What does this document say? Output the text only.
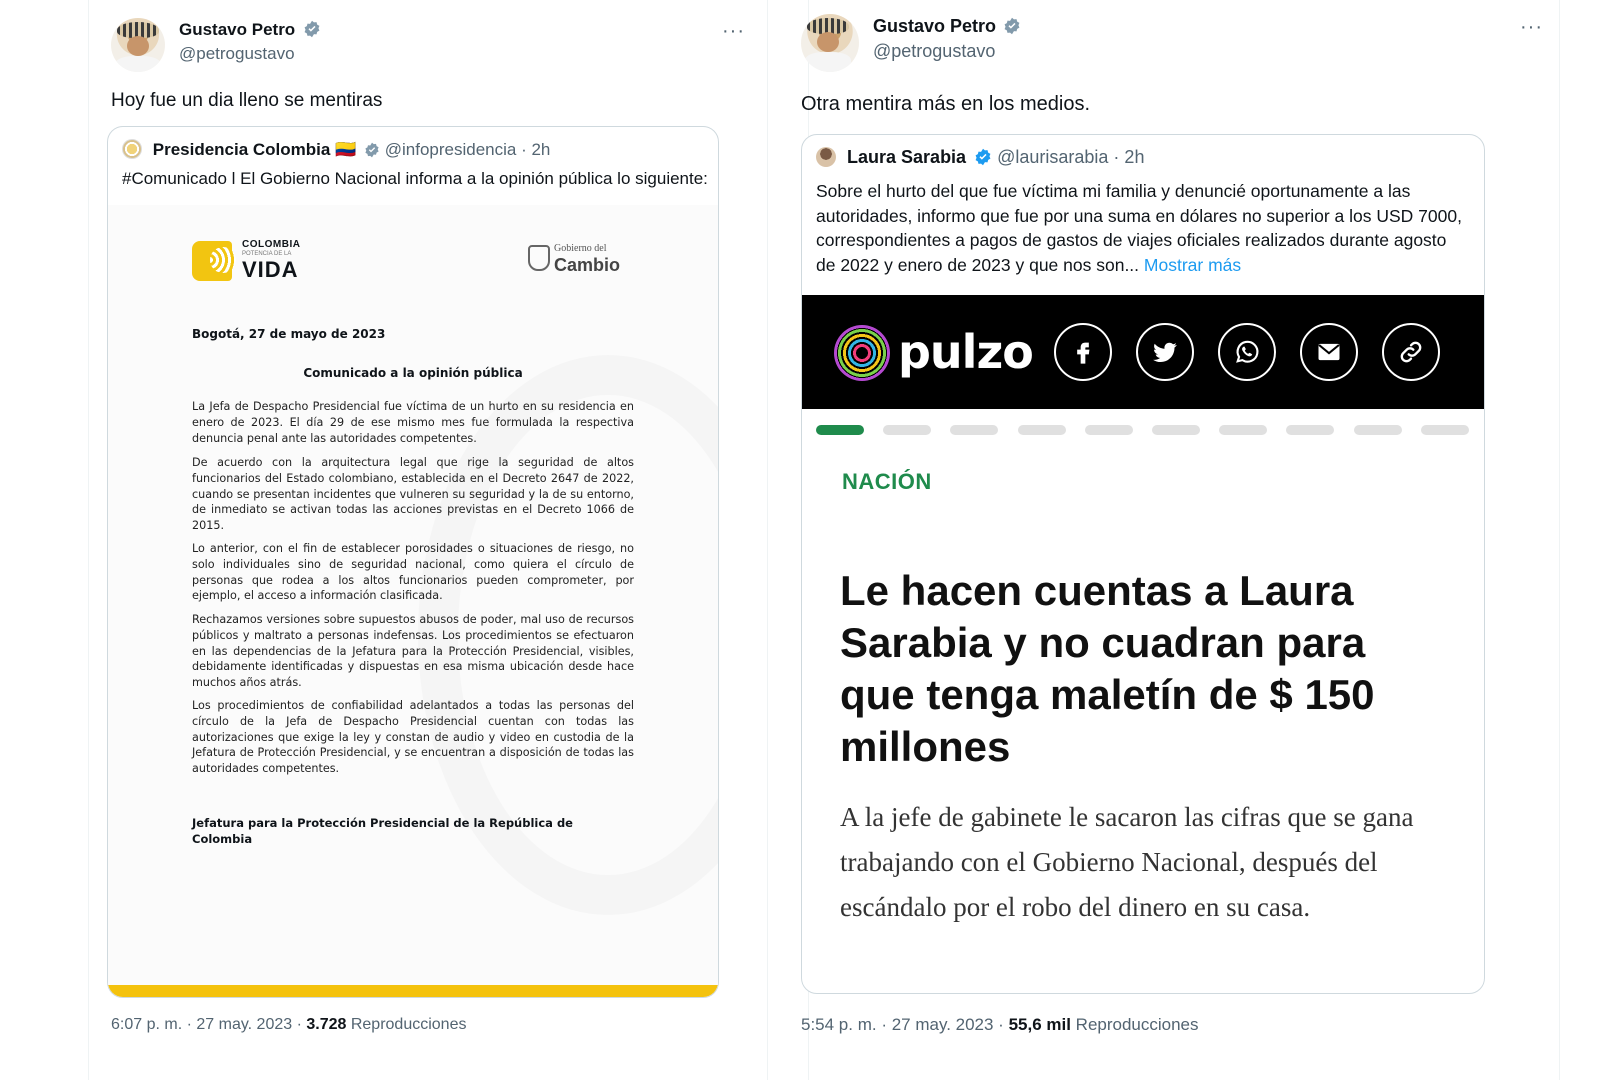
Gustavo Petro
@petrogustavo
···
Hoy fue un dia lleno se mentiras
Presidencia Colombia 🇨🇴 @infopresidencia · 2h
#Comunicado l El Gobierno Nacional informa a la opinión pública lo siguiente:
COLOMBIA
POTENCIA DE LA
VIDA
Gobierno del
Cambio
Bogotá, 27 de mayo de 2023
Comunicado a la opinión pública
La Jefa de Despacho Presidencial fue víctima de un hurto en su residencia en enero de 2023. El día 29 de ese mismo mes fue formulada la respectiva denuncia penal ante las autoridades competentes.
De acuerdo con la arquitectura legal que rige la seguridad de altos funcionarios del Estado colombiano, establecida en el Decreto 2647 de 2022, cuando se presentan incidentes que vulneren su seguridad y la de su entorno, de inmediato se activan todas las acciones previstas en el Decreto 1066 de 2015.
Lo anterior, con el fin de establecer porosidades o situaciones de riesgo, no solo individuales sino de seguridad nacional, como quiera el círculo de personas que rodea a los altos funcionarios pueden comprometer, por ejemplo, el acceso a información clasificada.
Rechazamos versiones sobre supuestos abusos de poder, mal uso de recursos públicos y maltrato a personas indefensas. Los procedimientos se efectuaron en las dependencias de la Jefatura para la Protección Presidencial, visibles, debidamente identificadas y dispuestas en esa misma ubicación desde hace muchos años atrás.
Los procedimientos de confiabilidad adelantados a todas las personas del círculo de la Jefa de Despacho Presidencial cuentan con todas las autorizaciones que exige la ley y constan de audio y video en custodia de la Jefatura de Protección Presidencial, y se encuentran a disposición de todas las autoridades competentes.
Jefatura para la Protección Presidencial de la República de Colombia
6:07 p. m. · 27 may. 2023 · 3.728 Reproducciones
Gustavo Petro
@petrogustavo
···
Otra mentira más en los medios.
Laura Sarabia @laurisarabia · 2h
Sobre el hurto del que fue víctima mi familia y denuncié oportunamente a las autoridades, informo que fue por una suma en dólares no superior a los USD 7000, correspondientes a pagos de gastos de viajes oficiales realizados durante agosto de 2022 y enero de 2023 y que nos son... Mostrar más
pulzo
NACIÓN
Le hacen cuentas a Laura Sarabia y no cuadran para que tenga maletín de $ 150 millones
A la jefe de gabinete le sacaron las cifras que se gana trabajando con el Gobierno Nacional, después del escándalo por el robo del dinero en su casa.
5:54 p. m. · 27 may. 2023 · 55,6 mil Reproducciones
